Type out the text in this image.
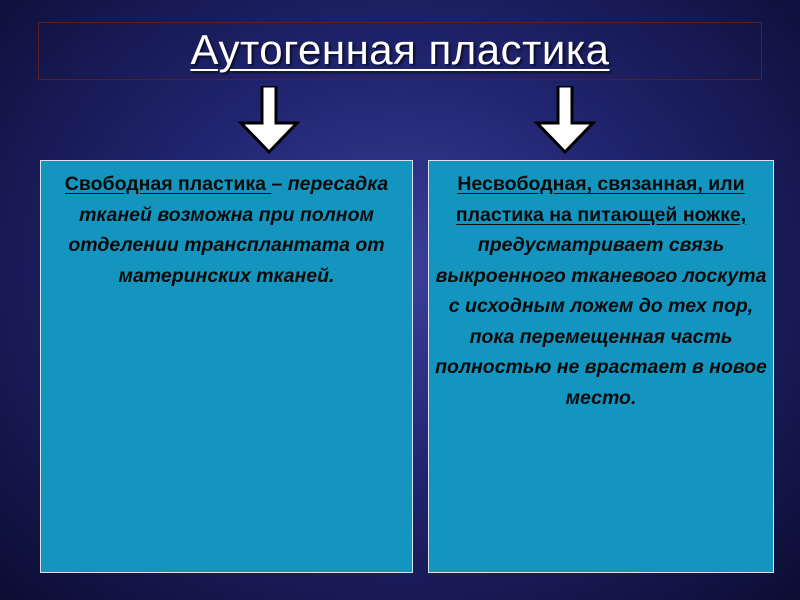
Аутогенная пластика
Свободная пластика – пересадка тканей возможна при полном отделении трансплантата от материнских тканей.
Несвободная, связанная, или пластика на питающей ножке, предусматривает связь выкроенного тканевого лоскута с исходным ложем до тех пор, пока перемещенная часть полностью не врастает в новое место.
